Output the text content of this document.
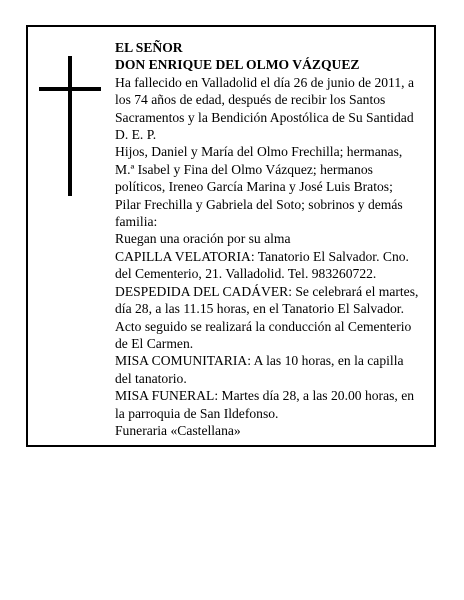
EL SEÑOR

DON ENRIQUE DEL OLMO VÁZQUEZ

Ha fallecido en Valladolid el día 26 de junio de 2011, a

los 74 años de edad, después de recibir los Santos

Sacramentos y la Bendición Apostólica de Su Santidad

D. E. P.

Hijos, Daniel y María del Olmo Frechilla; hermanas,

M.ª Isabel y Fina del Olmo Vázquez; hermanos

políticos, Ireneo García Marina y José Luis Bratos;

Pilar Frechilla y Gabriela del Soto; sobrinos y demás

familia:

Ruegan una oración por su alma

CAPILLA VELATORIA: Tanatorio El Salvador. Cno.

del Cementerio, 21. Valladolid. Tel. 983260722.

DESPEDIDA DEL CADÁVER: Se celebrará el martes,

día 28, a las 11.15 horas, en el Tanatorio El Salvador.

Acto seguido se realizará la conducción al Cementerio

de El Carmen.

MISA COMUNITARIA: A las 10 horas, en la capilla

del tanatorio.

MISA FUNERAL: Martes día 28, a las 20.00 horas, en

la parroquia de San Ildefonso.

Funeraria «Castellana»
